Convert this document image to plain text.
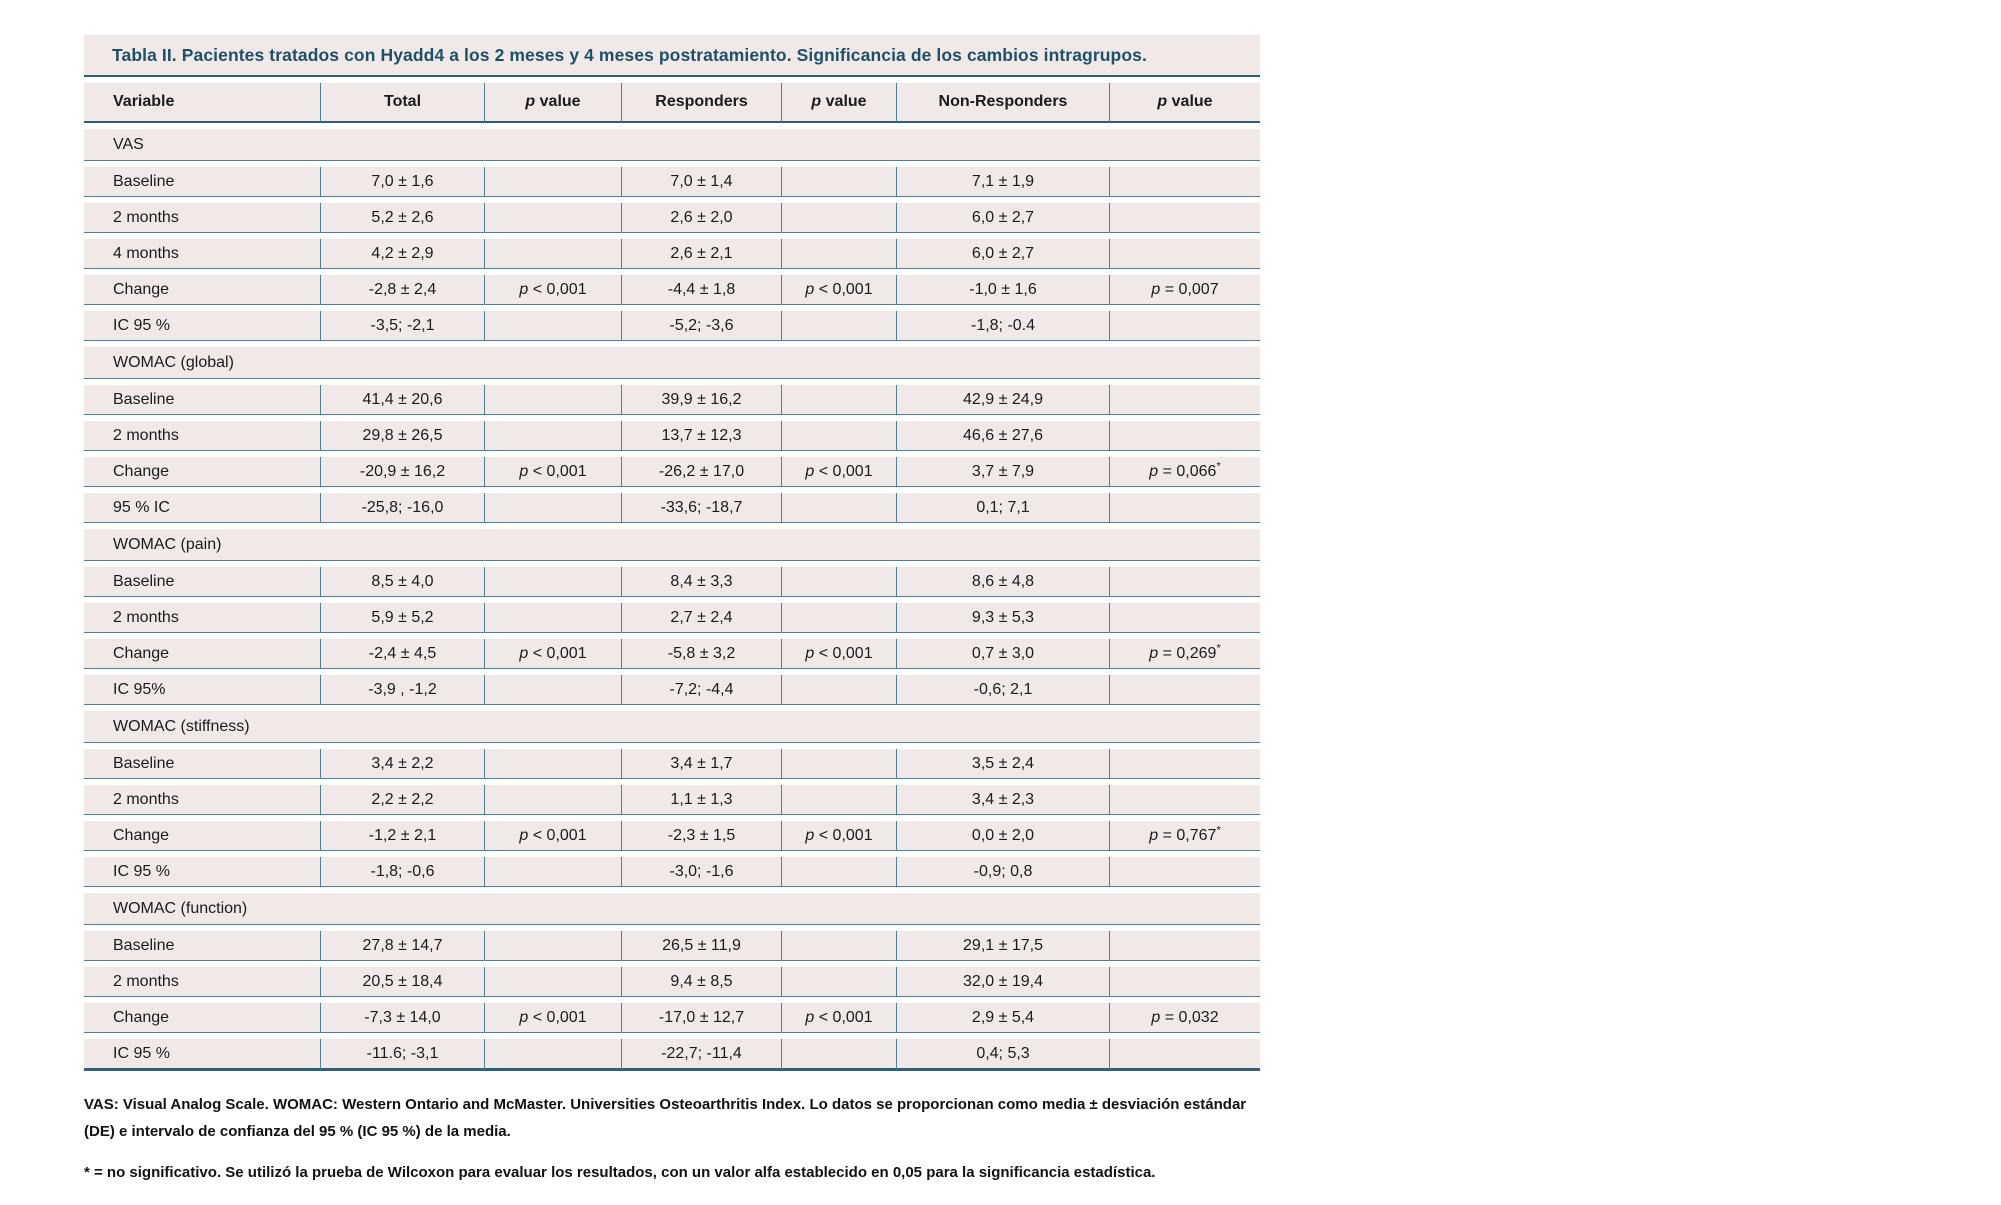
Tabla II. Pacientes tratados con Hyadd4 a los 2 meses y 4 meses postratamiento. Significancia de los cambios intragrupos.
Variable	Total	p value	Responders	p value	Non-Responders	p value
VAS						
Baseline	7,0 ± 1,6		7,0 ± 1,4		7,1 ± 1,9	
2 months	5,2 ± 2,6		2,6 ± 2,0		6,0 ± 2,7	
4 months	4,2 ± 2,9		2,6 ± 2,1		6,0 ± 2,7	
Change	-2,8 ± 2,4	p < 0,001	-4,4 ± 1,8	p < 0,001	-1,0 ± 1,6	p = 0,007
IC 95 %	-3,5; -2,1		-5,2; -3,6		-1,8; -0.4	
WOMAC (global)						
Baseline	41,4 ± 20,6		39,9 ± 16,2		42,9 ± 24,9	
2 months	29,8 ± 26,5		13,7 ± 12,3		46,6 ± 27,6	
Change	-20,9 ± 16,2	p < 0,001	-26,2 ± 17,0	p < 0,001	3,7 ± 7,9	p = 0,066*
95 % IC	-25,8; -16,0		-33,6; -18,7		0,1; 7,1	
WOMAC (pain)						
Baseline	8,5 ± 4,0		8,4 ± 3,3		8,6 ± 4,8	
2 months	5,9 ± 5,2		2,7 ± 2,4		9,3 ± 5,3	
Change	-2,4 ± 4,5	p < 0,001	-5,8 ± 3,2	p < 0,001	0,7 ± 3,0	p = 0,269*
IC 95%	-3,9 , -1,2		-7,2; -4,4		-0,6; 2,1	
WOMAC (stiffness)						
Baseline	3,4 ± 2,2		3,4 ± 1,7		3,5 ± 2,4	
2 months	2,2 ± 2,2		1,1 ± 1,3		3,4 ± 2,3	
Change	-1,2 ± 2,1	p < 0,001	-2,3 ± 1,5	p < 0,001	0,0 ± 2,0	p = 0,767*
IC 95 %	-1,8; -0,6		-3,0; -1,6		-0,9; 0,8	
WOMAC (function)						
Baseline	27,8 ± 14,7		26,5 ± 11,9		29,1 ± 17,5	
2 months	20,5 ± 18,4		9,4 ± 8,5		32,0 ± 19,4	
Change	-7,3 ± 14,0	p < 0,001	-17,0 ± 12,7	p < 0,001	2,9 ± 5,4	p = 0,032
IC 95 %	-11.6; -3,1		-22,7; -11,4		0,4; 5,3	

VAS: Visual Analog Scale. WOMAC: Western Ontario and McMaster. Universities Osteoarthritis Index. Lo datos se proporcionan como media ± desviación estándar (DE) e intervalo de confianza del 95 % (IC 95 %) de la media.

* = no significativo. Se utilizó la prueba de Wilcoxon para evaluar los resultados, con un valor alfa establecido en 0,05 para la significancia estadística.
